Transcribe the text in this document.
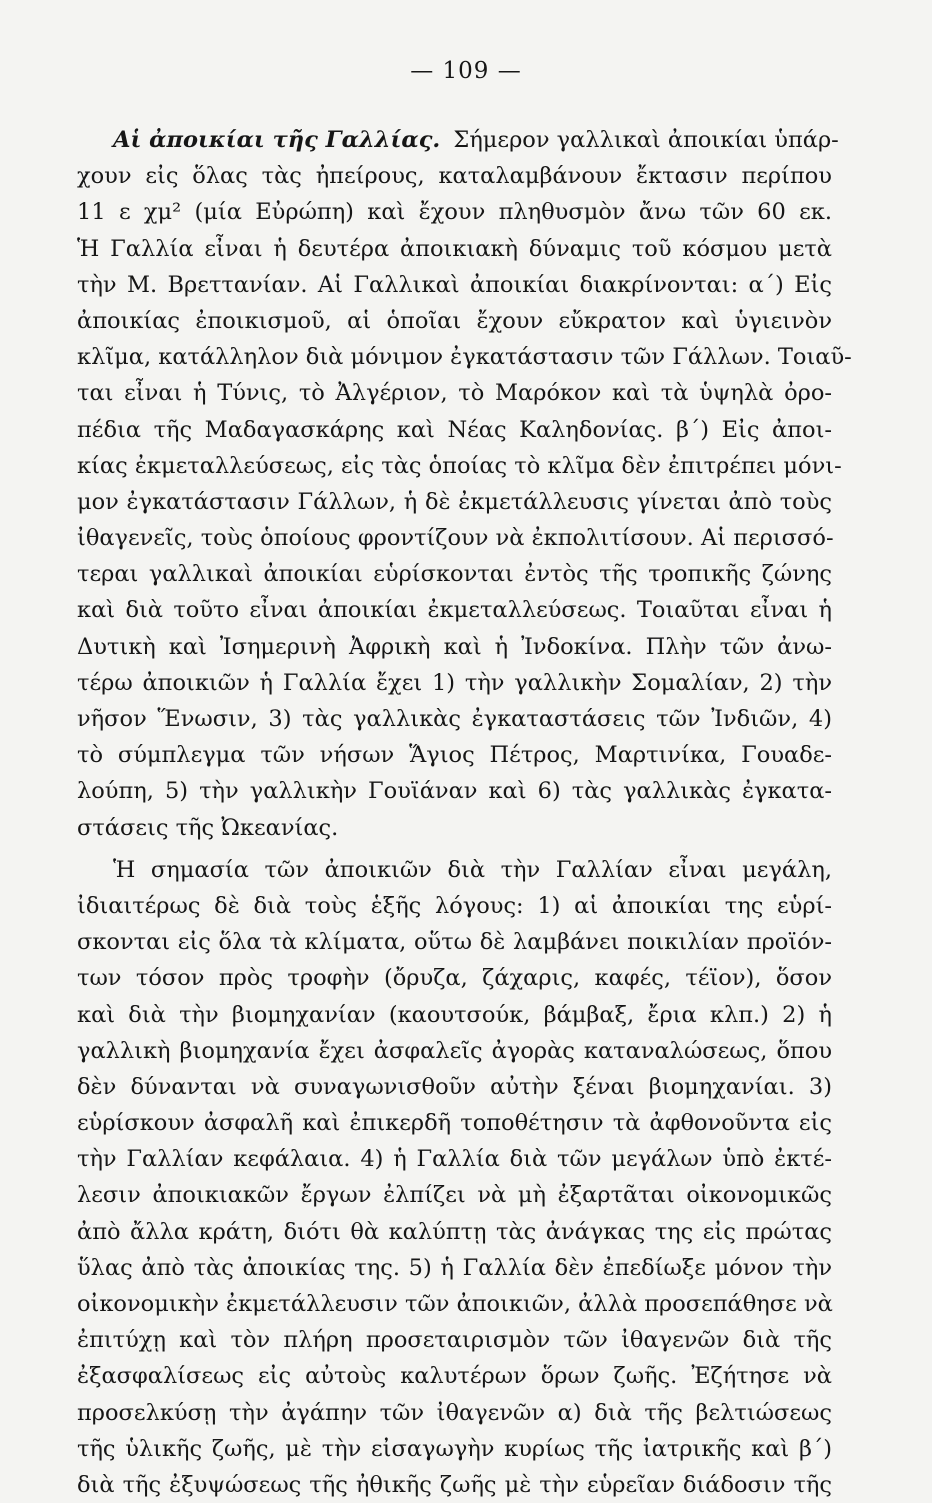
— 109 —
Αἱ ἀποικίαι τῆς Γαλλίας. Σήμερον γαλλικαὶ ἀποικίαι ὑπάρ-
χουν εἰς ὅλας τὰς ἠπείρους, καταλαμβάνουν ἔκτασιν περίπου
11 ε χμ² (μία Εὐρώπη) καὶ ἔχουν πληθυσμὸν ἄνω τῶν 60 εκ.
Ἡ Γαλλία εἶναι ἡ δευτέρα ἀποικιακὴ δύναμις τοῦ κόσμου μετὰ
τὴν Μ. Βρεττανίαν. Αἱ Γαλλικαὶ ἀποικίαι διακρίνονται: α΄) Εἰς
ἀποικίας ἐποικισμοῦ, αἱ ὁποῖαι ἔχουν εὔκρατον καὶ ὑγιεινὸν
κλῖμα, κατάλληλον διὰ μόνιμον ἐγκατάστασιν τῶν Γάλλων. Τοιαῦ-
ται εἶναι ἡ Τύνις, τὸ Ἀλγέριον, τὸ Μαρόκον καὶ τὰ ὑψηλὰ ὀρο-
πέδια τῆς Μαδαγασκάρης καὶ Νέας Καληδονίας. β΄) Εἰς ἀποι-
κίας ἐκμεταλλεύσεως, εἰς τὰς ὁποίας τὸ κλῖμα δὲν ἐπιτρέπει μόνι-
μον ἐγκατάστασιν Γάλλων, ἡ δὲ ἐκμετάλλευσις γίνεται ἀπὸ τοὺς
ἰθαγενεῖς, τοὺς ὁποίους φροντίζουν νὰ ἐκπολιτίσουν. Αἱ περισσό-
τεραι γαλλικαὶ ἀποικίαι εὑρίσκονται ἐντὸς τῆς τροπικῆς ζώνης
καὶ διὰ τοῦτο εἶναι ἀποικίαι ἐκμεταλλεύσεως. Τοιαῦται εἶναι ἡ
Δυτικὴ καὶ Ἰσημερινὴ Ἀφρικὴ καὶ ἡ Ἰνδοκίνα. Πλὴν τῶν ἀνω-
τέρω ἀποικιῶν ἡ Γαλλία ἔχει 1) τὴν γαλλικὴν Σομαλίαν, 2) τὴν
νῆσον Ἕνωσιν, 3) τὰς γαλλικὰς ἐγκαταστάσεις τῶν Ἰνδιῶν, 4)
τὸ σύμπλεγμα τῶν νήσων Ἅγιος Πέτρος, Μαρτινίκα, Γουαδε-
λούπη, 5) τὴν γαλλικὴν Γουϊάναν καὶ 6) τὰς γαλλικὰς ἐγκατα-
στάσεις τῆς Ὠκεανίας.
Ἡ σημασία τῶν ἀποικιῶν διὰ τὴν Γαλλίαν εἶναι μεγάλη,
ἰδιαιτέρως δὲ διὰ τοὺς ἑξῆς λόγους: 1) αἱ ἀποικίαι της εὑρί-
σκονται εἰς ὅλα τὰ κλίματα, οὕτω δὲ λαμβάνει ποικιλίαν προϊόν-
των τόσον πρὸς τροφὴν (ὄρυζα, ζάχαρις, καφές, τέϊον), ὅσον
καὶ διὰ τὴν βιομηχανίαν (καουτσούκ, βάμβαξ, ἔρια κλπ.) 2) ἡ
γαλλικὴ βιομηχανία ἔχει ἀσφαλεῖς ἀγορὰς καταναλώσεως, ὅπου
δὲν δύνανται νὰ συναγωνισθοῦν αὐτὴν ξέναι βιομηχανίαι. 3)
εὑρίσκουν ἀσφαλῆ καὶ ἐπικερδῆ τοποθέτησιν τὰ ἀφθονοῦντα εἰς
τὴν Γαλλίαν κεφάλαια. 4) ἡ Γαλλία διὰ τῶν μεγάλων ὑπὸ ἐκτέ-
λεσιν ἀποικιακῶν ἔργων ἐλπίζει νὰ μὴ ἐξαρτᾶται οἰκονομικῶς
ἀπὸ ἄλλα κράτη, διότι θὰ καλύπτῃ τὰς ἀνάγκας της εἰς πρώτας
ὕλας ἀπὸ τὰς ἀποικίας της. 5) ἡ Γαλλία δὲν ἐπεδίωξε μόνον τὴν
οἰκονομικὴν ἐκμετάλλευσιν τῶν ἀποικιῶν, ἀλλὰ προσεπάθησε νὰ
ἐπιτύχῃ καὶ τὸν πλήρη προσεταιρισμὸν τῶν ἰθαγενῶν διὰ τῆς
ἐξασφαλίσεως εἰς αὐτοὺς καλυτέρων ὅρων ζωῆς. Ἐζήτησε νὰ
προσελκύσῃ τὴν ἀγάπην τῶν ἰθαγενῶν α) διὰ τῆς βελτιώσεως
τῆς ὑλικῆς ζωῆς, μὲ τὴν εἰσαγωγὴν κυρίως τῆς ἰατρικῆς καὶ β΄)
διὰ τῆς ἐξυψώσεως τῆς ἠθικῆς ζωῆς μὲ τὴν εὑρεῖαν διάδοσιν τῆς
